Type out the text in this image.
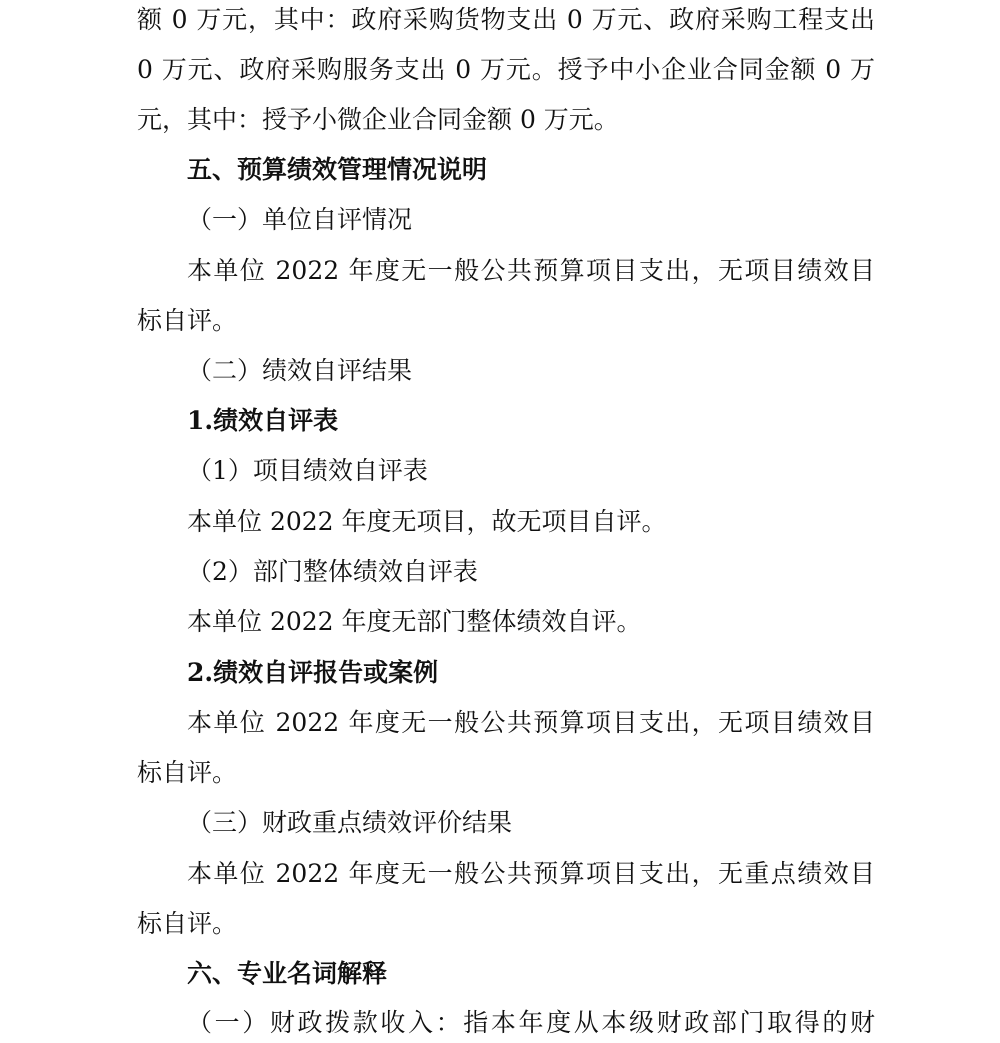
额 0 万元，其中：政府采购货物支出 0 万元、政府采购工程支出
0 万元、政府采购服务支出 0 万元。授予中小企业合同金额 0 万
元，其中：授予小微企业合同金额 0 万元。
五、预算绩效管理情况说明
（一）单位自评情况
本单位 2022 年度无一般公共预算项目支出，无项目绩效目
标自评。
（二）绩效自评结果
1.绩效自评表
（1）项目绩效自评表
本单位 2022 年度无项目，故无项目自评。
（2）部门整体绩效自评表
本单位 2022 年度无部门整体绩效自评。
2.绩效自评报告或案例
本单位 2022 年度无一般公共预算项目支出，无项目绩效目
标自评。
（三）财政重点绩效评价结果
本单位 2022 年度无一般公共预算项目支出，无重点绩效目
标自评。
六、专业名词解释
（一）财政拨款收入：指本年度从本级财政部门取得的财
